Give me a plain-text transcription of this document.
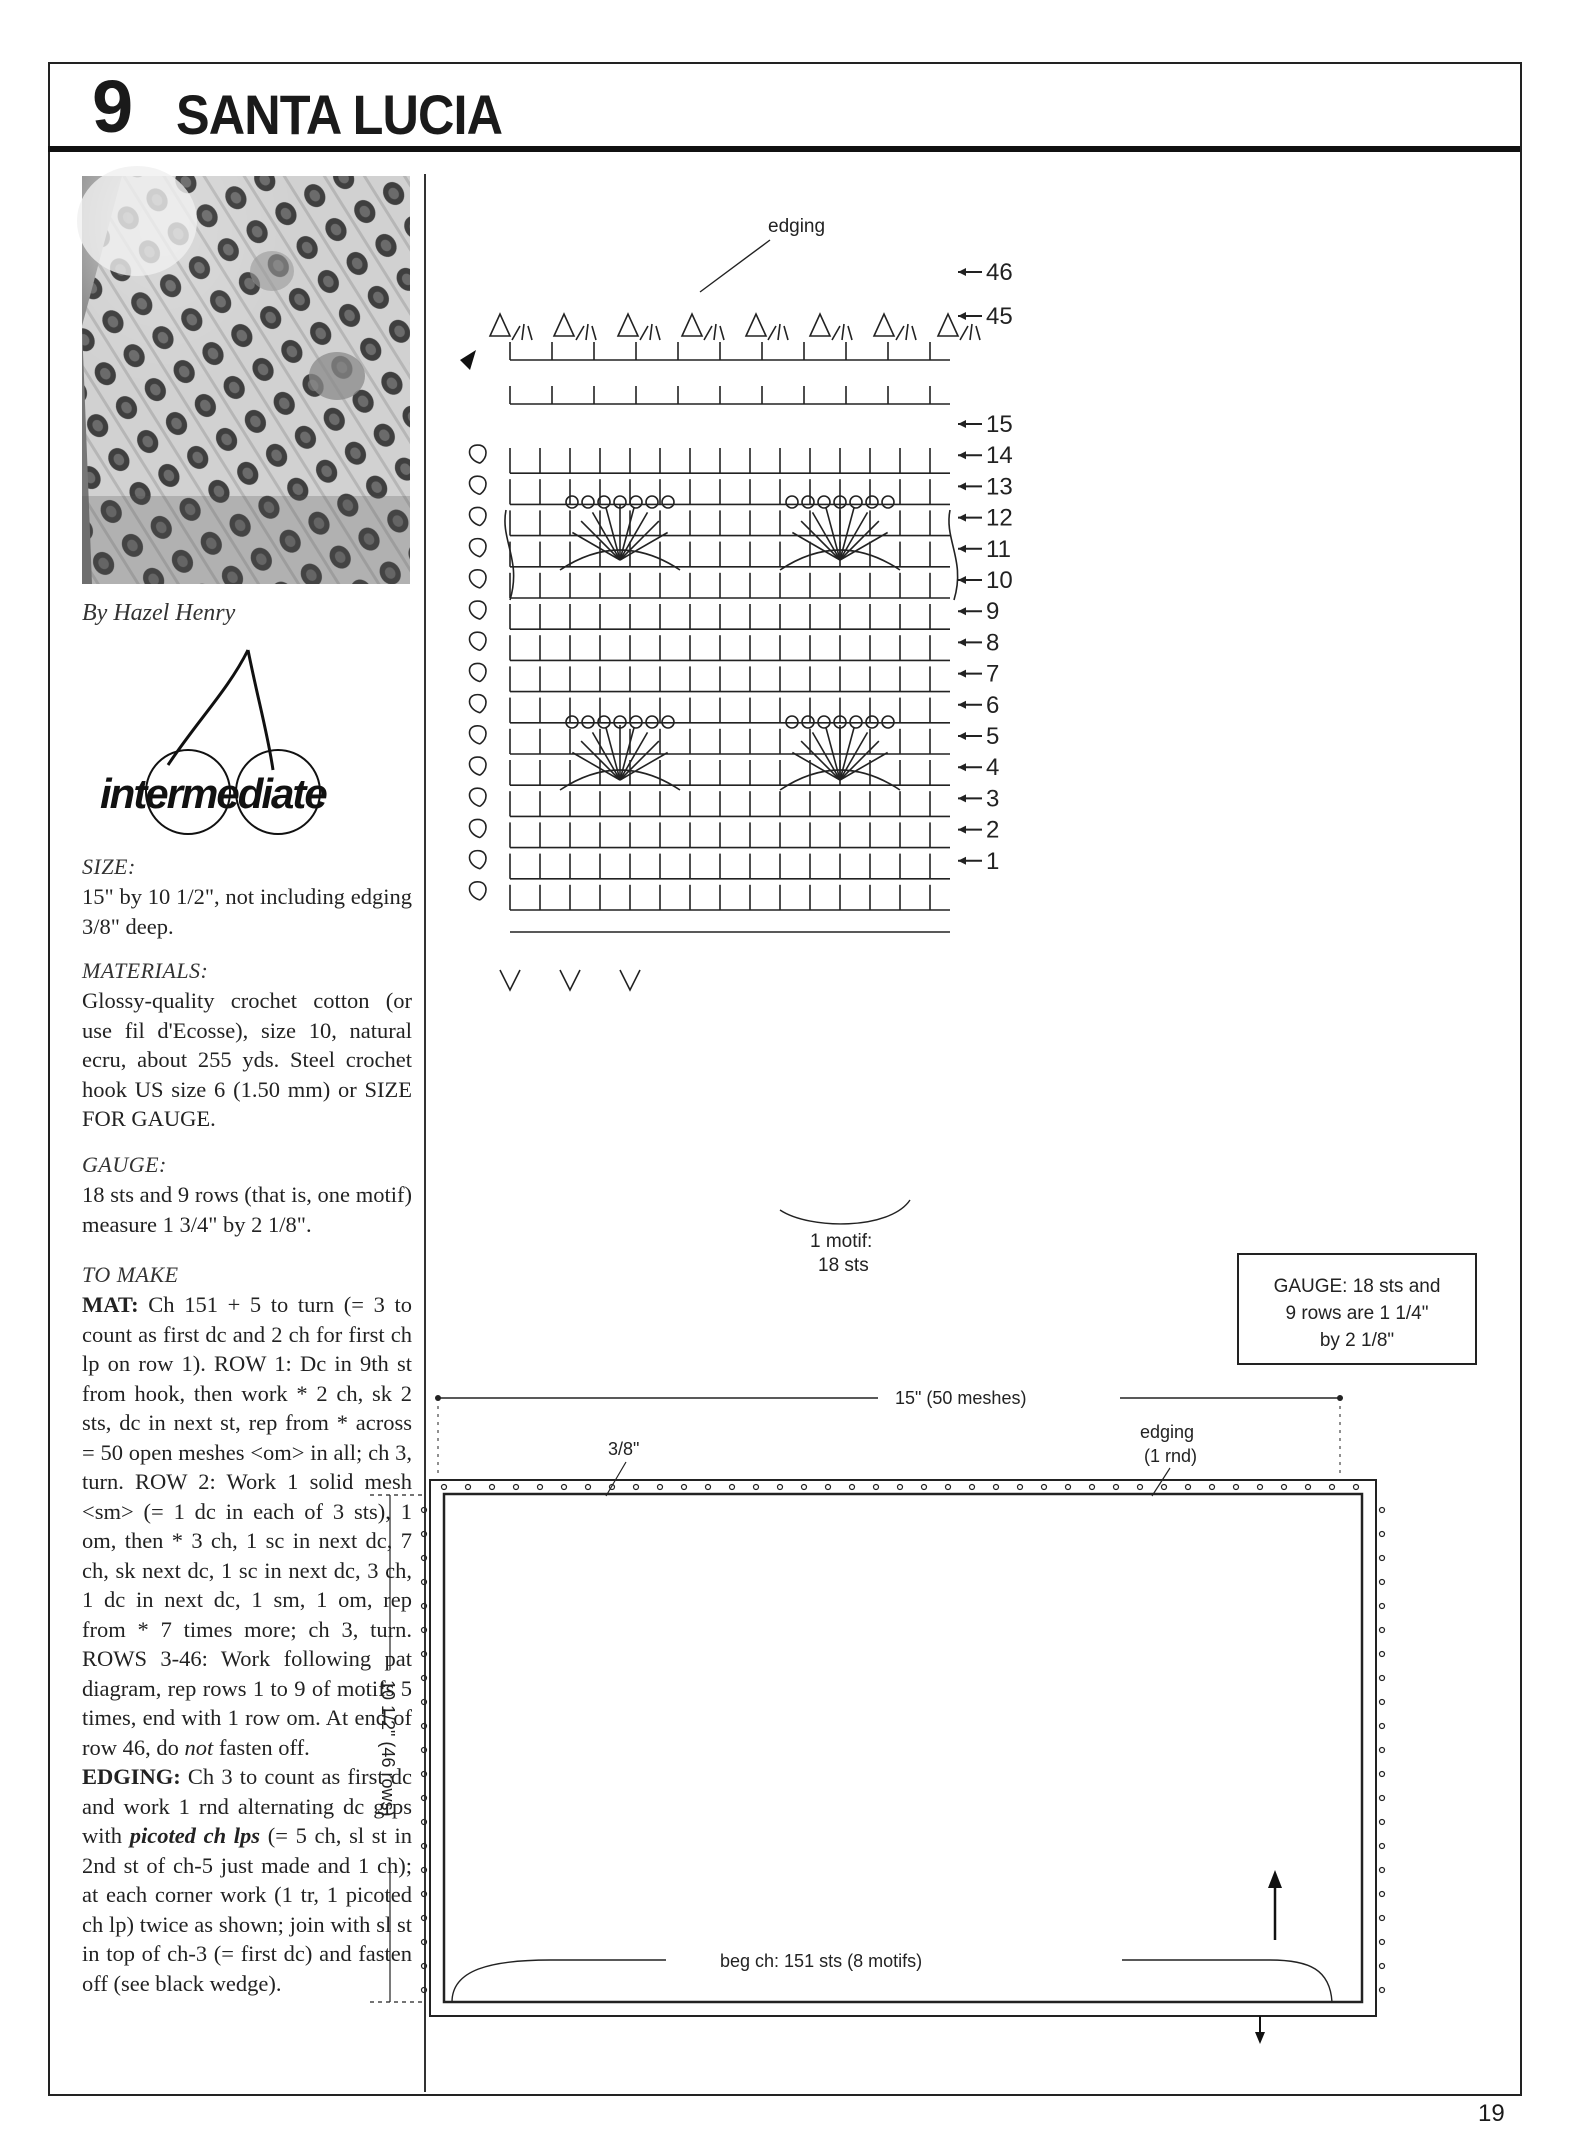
9 SANTA LUCIA
By Hazel Henry
intermediate
SIZE:
15" by 10 1/2", not including edging 3/8" deep.
MATERIALS:
Glossy-quality crochet cotton (or use fil d'Ecosse), size 10, natural ecru, about 255 yds. Steel crochet hook US size 6 (1.50 mm) or SIZE FOR GAUGE.
GAUGE:
18 sts and 9 rows (that is, one motif) measure 1 3/4" by 2 1/8".
TO MAKE
MAT: Ch 151 + 5 to turn (= 3 to count as first dc and 2 ch for first ch lp on row 1). ROW 1: Dc in 9th st from hook, then work * 2 ch, sk 2 sts, dc in next st, rep from * across = 50 open meshes <om> in all; ch 3, turn. ROW 2: Work 1 solid mesh <sm> (= 1 dc in each of 3 sts), 1 om, then * 3 ch, 1 sc in next dc, 7 ch, sk next dc, 1 sc in next dc, 3 ch, 1 dc in next dc, 1 sm, 1 om, rep from * 7 times more; ch 3, turn. ROWS 3-46: Work following pat diagram, rep rows 1 to 9 of motifs 5 times, end with 1 row om. At end of row 46, do not fasten off.
EDGING: Ch 3 to count as first dc and work 1 rnd alternating dc grps with picoted ch lps (= 5 ch, sl st in 2nd st of ch-5 just made and 1 ch); at each corner work (1 tr, 1 picoted ch lp) twice as shown; join with sl st in top of ch-3 (= first dc) and fasten off (see black wedge).
edging
46
45
15
14
13
12
11
10
9
8
7
6
5
4
3
2
1
1 motif:
18 sts
GAUGE: 18 sts and
9 rows are 1 1/4"
by 2 1/8"
15" (50 meshes)
3/8"
edging
(1 rnd)
10 1/2" (46 rows)
beg ch: 151 sts (8 motifs)
19
